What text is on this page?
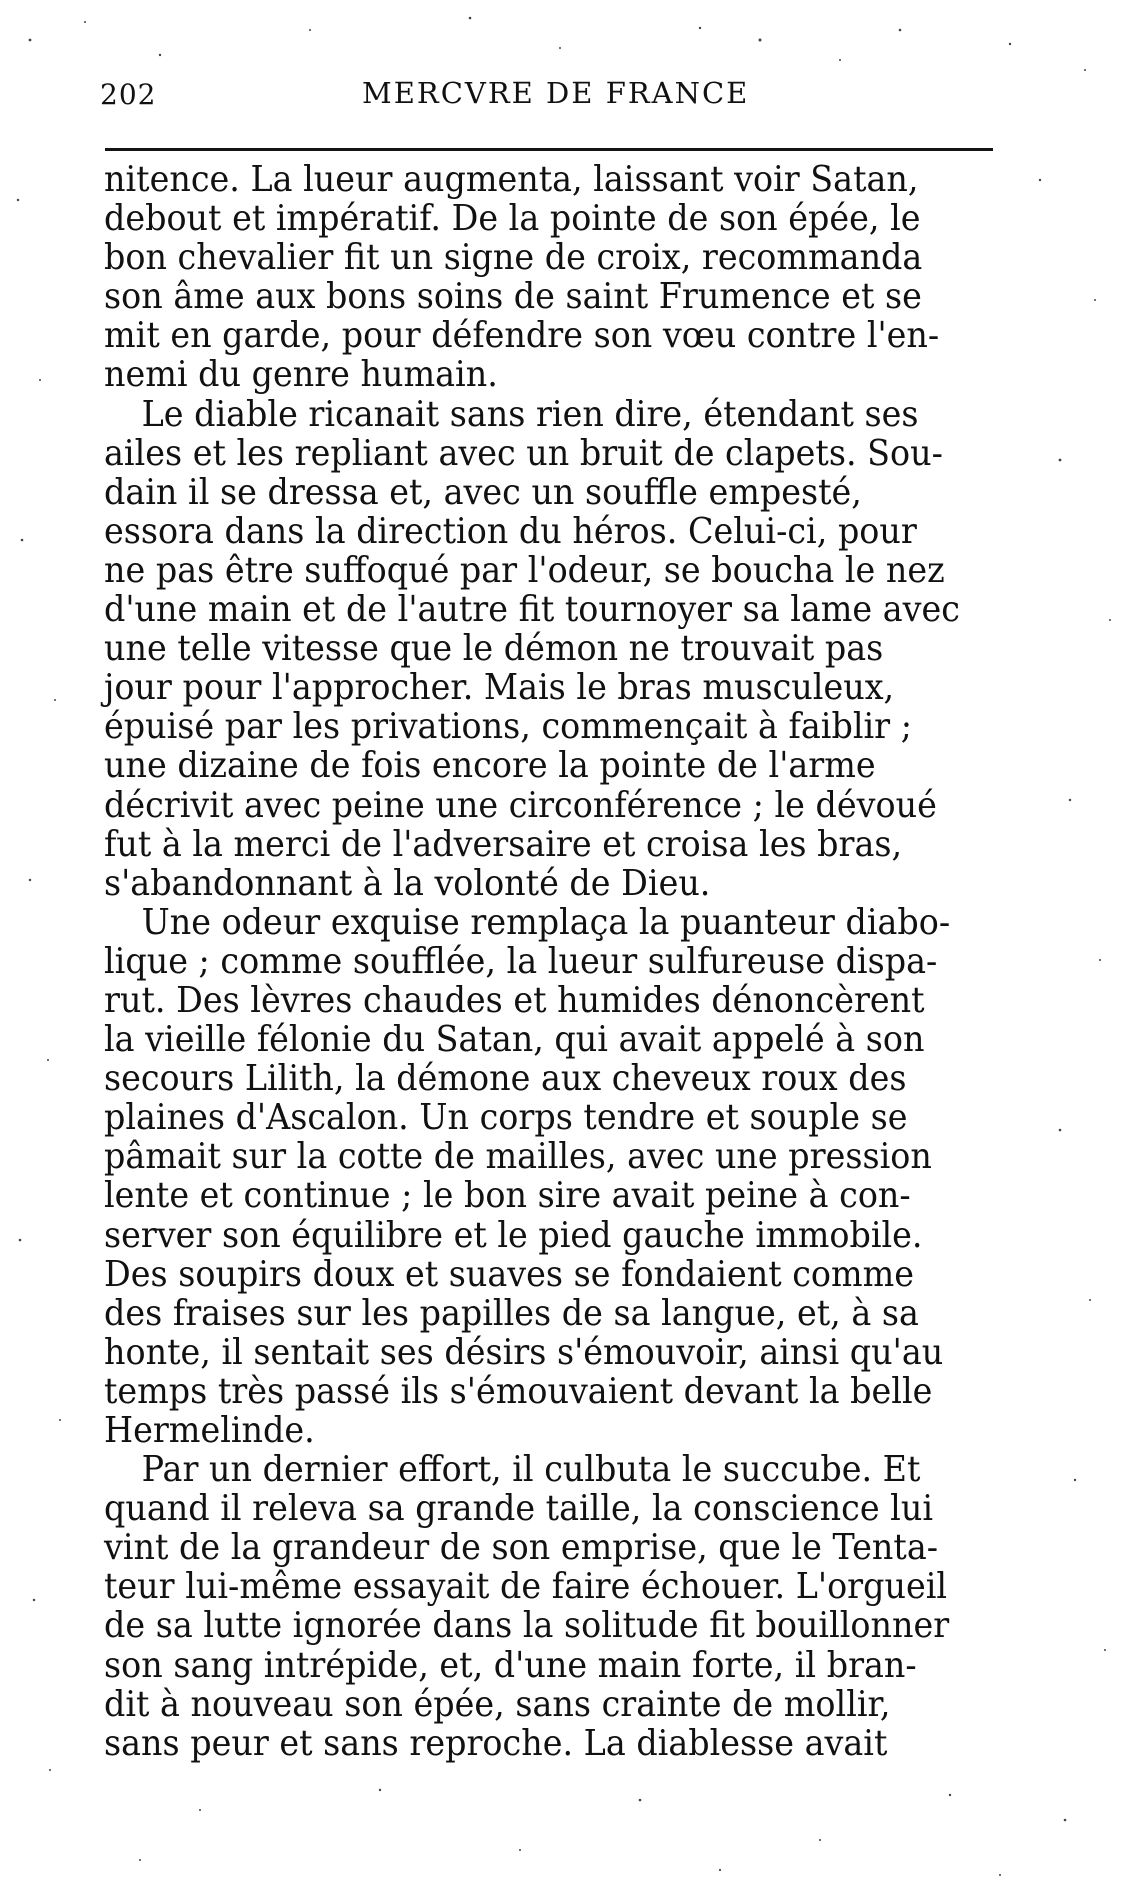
202	MERCVRE DE FRANCE
nitence. La lueur augmenta, laissant voir Satan,
debout et impératif. De la pointe de son épée, le
bon chevalier fit un signe de croix, recommanda
son âme aux bons soins de saint Frumence et se
mit en garde, pour défendre son vœu contre l'en-
nemi du genre humain.
Le diable ricanait sans rien dire, étendant ses
ailes et les repliant avec un bruit de clapets. Sou-
dain il se dressa et, avec un souffle empesté,
essora dans la direction du héros. Celui-ci, pour
ne pas être suffoqué par l'odeur, se boucha le nez
d'une main et de l'autre fit tournoyer sa lame avec
une telle vitesse que le démon ne trouvait pas
jour pour l'approcher. Mais le bras musculeux,
épuisé par les privations, commençait à faiblir ;
une dizaine de fois encore la pointe de l'arme
décrivit avec peine une circonférence ; le dévoué
fut à la merci de l'adversaire et croisa les bras,
s'abandonnant à la volonté de Dieu.
Une odeur exquise remplaça la puanteur diabo-
lique ; comme soufflée, la lueur sulfureuse dispa-
rut. Des lèvres chaudes et humides dénoncèrent
la vieille félonie du Satan, qui avait appelé à son
secours Lilith, la démone aux cheveux roux des
plaines d'Ascalon. Un corps tendre et souple se
pâmait sur la cotte de mailles, avec une pression
lente et continue ; le bon sire avait peine à con-
server son équilibre et le pied gauche immobile.
Des soupirs doux et suaves se fondaient comme
des fraises sur les papilles de sa langue, et, à sa
honte, il sentait ses désirs s'émouvoir, ainsi qu'au
temps très passé ils s'émouvaient devant la belle
Hermelinde.
Par un dernier effort, il culbuta le succube. Et
quand il releva sa grande taille, la conscience lui
vint de la grandeur de son emprise, que le Tenta-
teur lui-même essayait de faire échouer. L'orgueil
de sa lutte ignorée dans la solitude fit bouillonner
son sang intrépide, et, d'une main forte, il bran-
dit à nouveau son épée, sans crainte de mollir,
sans peur et sans reproche. La diablesse avait
